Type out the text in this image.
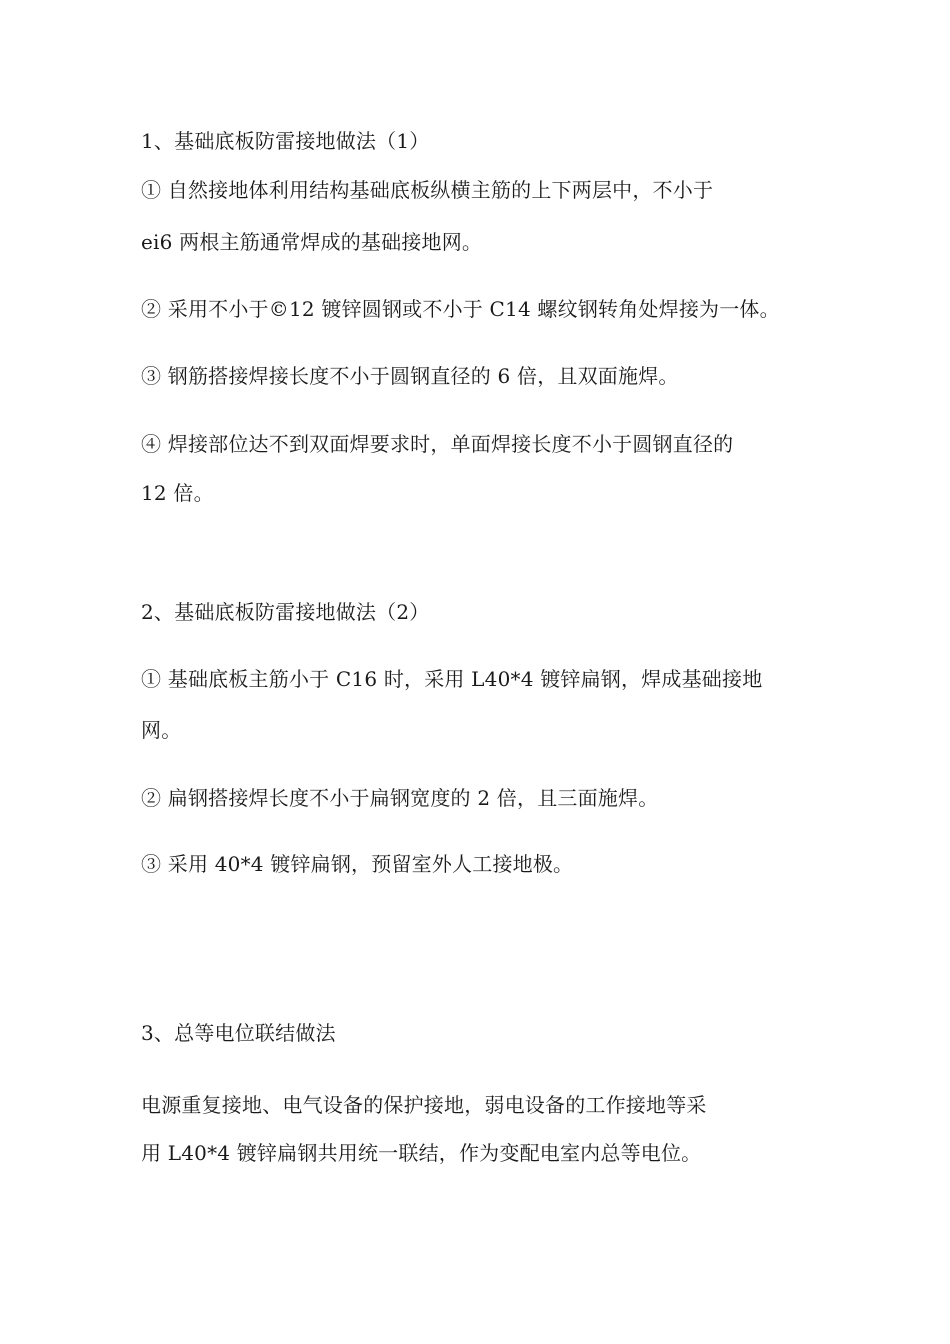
1、基础底板防雷接地做法（1）
① 自然接地体利用结构基础底板纵横主筋的上下两层中，不小于
ei6 两根主筋通常焊成的基础接地网。
② 采用不小于©12 镀锌圆钢或不小于 C14 螺纹钢转角处焊接为一体。
③ 钢筋搭接焊接长度不小于圆钢直径的 6 倍，且双面施焊。
④ 焊接部位达不到双面焊要求时，单面焊接长度不小于圆钢直径的
12 倍。
2、基础底板防雷接地做法（2）
① 基础底板主筋小于 C16 时，采用 L40*4 镀锌扁钢，焊成基础接地
网。
② 扁钢搭接焊长度不小于扁钢宽度的 2 倍，且三面施焊。
③ 采用 40*4 镀锌扁钢，预留室外人工接地极。
3、总等电位联结做法
电源重复接地、电气设备的保护接地，弱电设备的工作接地等采
用 L40*4 镀锌扁钢共用统一联结，作为变配电室内总等电位。
